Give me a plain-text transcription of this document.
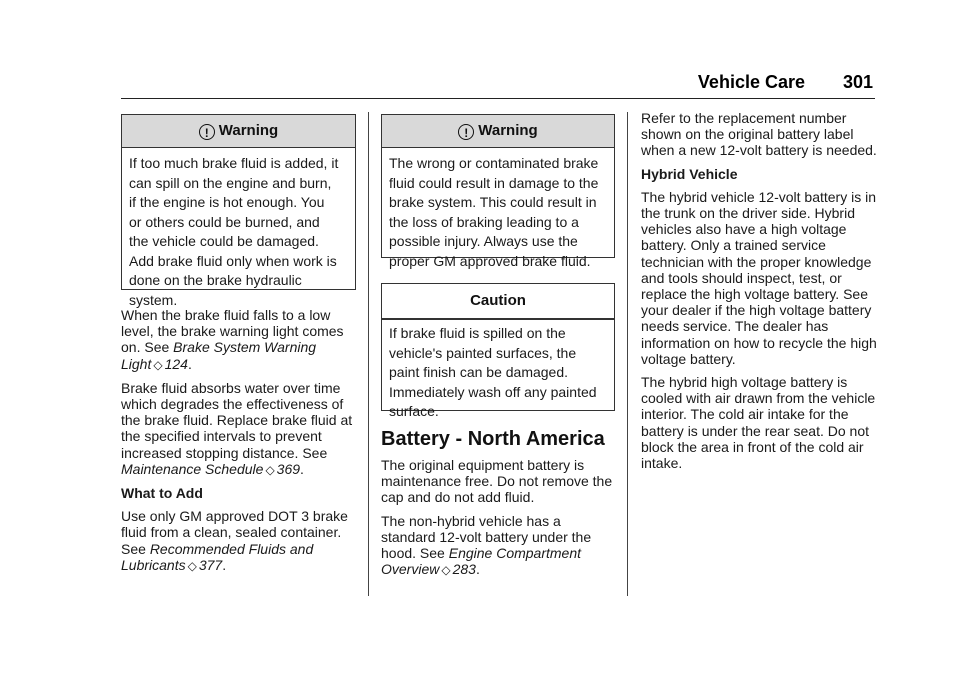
Vehicle Care 301
! Warning
If too much brake fluid is added, it
can spill on the engine and burn,
if the engine is hot enough. You
or others could be burned, and
the vehicle could be damaged.
Add brake fluid only when work is
done on the brake hydraulic
system.

When the brake fluid falls to a low level, the brake warning light comes on. See Brake System Warning Light ◇ 124.

Brake fluid absorbs water over time which degrades the effectiveness of the brake fluid. Replace brake fluid at the specified intervals to prevent increased stopping distance. See Maintenance Schedule ◇ 369.

What to Add

Use only GM approved DOT 3 brake fluid from a clean, sealed container. See Recommended Fluids and Lubricants ◇ 377.

! Warning
The wrong or contaminated brake
fluid could result in damage to the
brake system. This could result in
the loss of braking leading to a
possible injury. Always use the
proper GM approved brake fluid.
Caution
If brake fluid is spilled on the
vehicle's painted surfaces, the
paint finish can be damaged.
Immediately wash off any painted
surface.
Battery - North America

The original equipment battery is maintenance free. Do not remove the cap and do not add fluid.

The non-hybrid vehicle has a standard 12-volt battery under the hood. See Engine Compartment Overview ◇ 283.

Refer to the replacement number shown on the original battery label when a new 12-volt battery is needed.

Hybrid Vehicle

The hybrid vehicle 12-volt battery is in the trunk on the driver side. Hybrid vehicles also have a high voltage battery. Only a trained service technician with the proper knowledge and tools should inspect, test, or replace the high voltage battery. See your dealer if the high voltage battery needs service. The dealer has information on how to recycle the high voltage battery.

The hybrid high voltage battery is cooled with air drawn from the vehicle interior. The cold air intake for the battery is under the rear seat. Do not block the area in front of the cold air intake.
